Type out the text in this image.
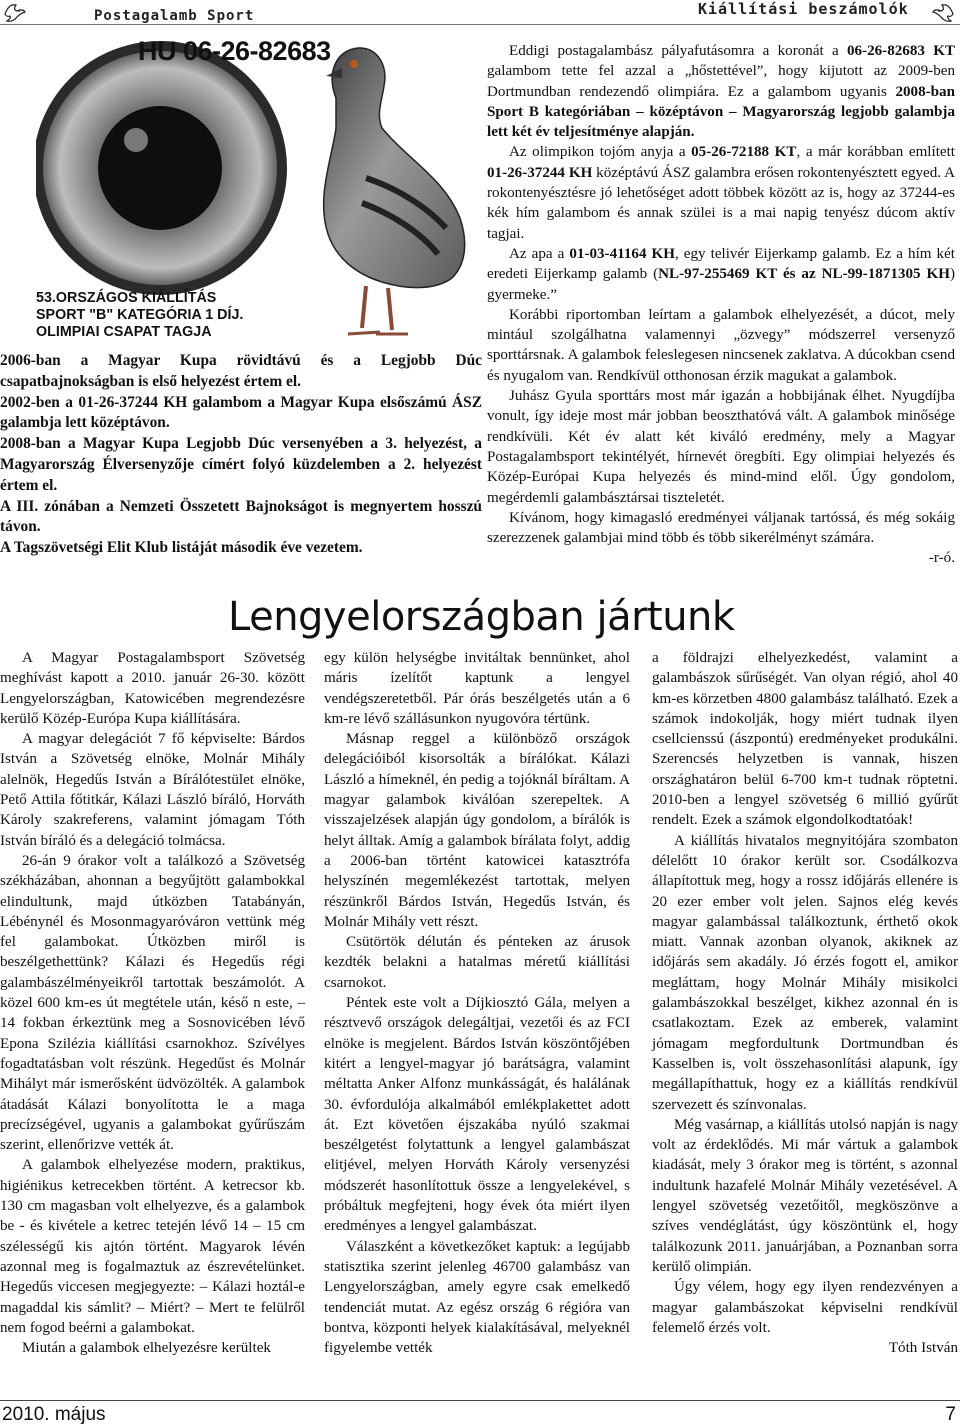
Postagalamb Sport	Kiállítási beszámolók
HU 06-26-82683
53.ORSZÁGOS KIÁLLÍTÁS
SPORT "B" KATEGÓRIA 1 DÍJ.
OLIMPIAI CSAPAT TAGJA

2006-ban a Magyar Kupa rövidtávú és a Legjobb Dúc csapatbajnokságban is első helyezést értem el.

2002-ben a 01-26-37244 KH galambom a Magyar Kupa elsőszámú ÁSZ galambja lett középtávon.

2008-ban a Magyar Kupa Legjobb Dúc versenyében a 3. helyezést, a Magyarország Élversenyzője címért folyó küzdelemben a 2. helyezést értem el.

A III. zónában a Nemzeti Összetett Bajnokságot is megnyertem hosszú távon.

A Tagszövetségi Elit Klub listáját második éve vezetem.

Eddigi postagalambász pályafutásomra a koronát a 06-26-82683 KT galambom tette fel azzal a „hőstettével”, hogy kijutott az 2009-ben Dortmundban rendezendő olimpiára. Ez a galambom ugyanis 2008-ban Sport B kategóriában – középtávon – Magyarország legjobb galambja lett két év teljesítménye alapján.

Az olimpikon tojóm anyja a 05-26-72188 KT, a már korábban említett 01-26-37244 KH középtávú ÁSZ galambra erősen rokontenyésztett egyed. A rokontenyésztésre jó lehetőséget adott többek között az is, hogy az 37244-es kék hím galambom és annak szülei is a mai napig tenyész dúcom aktív tagjai.

Az apa a 01-03-41164 KH, egy telivér Eijerkamp galamb. Ez a hím két eredeti Eijerkamp galamb (NL-97-255469 KT és az NL-99-1871305 KH) gyermeke.”

Korábbi riportomban leírtam a galambok elhelyezését, a dúcot, mely mintául szolgálhatna valamennyi „özvegy” módszerrel versenyző sporttársnak. A galambok feleslegesen nincsenek zaklatva. A dúcokban csend és nyugalom van. Rendkívül otthonosan érzik magukat a galambok.

Juhász Gyula sporttárs most már igazán a hobbijának élhet. Nyugdíjba vonult, így ideje most már jobban beoszthatóvá vált. A galambok minősége rendkívüli. Két év alatt két kiváló eredmény, mely a Magyar Postagalambsport tekintélyét, hírnevét öregbíti. Egy olimpiai helyezés és Közép-Európai Kupa helyezés és mind-mind elől. Úgy gondolom, megérdemli galambásztársai tiszteletét.

Kívánom, hogy kimagasló eredményei váljanak tartóssá, és még sokáig szerezzenek galambjai mind több és több sikerélményt számára.

-r-ó.
Lengyelországban jártunk

A Magyar Postagalambsport Szövetség meghívást kapott a 2010. január 26-30. között Lengyelországban, Katowicében megrendezésre kerülő Közép-Európa Kupa kiállítására.

A magyar delegációt 7 fő képviselte: Bárdos István a Szövetség elnöke, Molnár Mihály alelnök, Hegedűs István a Bírálótestület elnöke, Pető Attila főtitkár, Kálazi László bíráló, Horváth Károly szakreferens, valamint jómagam Tóth István bíráló és a delegáció tolmácsa.

26-án 9 órakor volt a találkozó a Szövetség székházában, ahonnan a begyűjtött galambokkal elindultunk, majd útközben Tatabányán, Lébénynél és Mosonmagyaróváron vettünk még fel galambokat. Útközben miről is beszélgethettünk? Kálazi és Hegedűs régi galambászélményeikről tartottak beszámolót. A közel 600 km-es út megtétele után, késő n este, – 14 fokban érkeztünk meg a Sosnovicében lévő Epona Szilézia kiállítási csarnokhoz. Szívélyes fogadtatásban volt részünk. Hegedűst és Molnár Mihályt már ismerősként üdvözölték. A galambok átadását Kálazi bonyolította le a maga precízségével, ugyanis a galambokat gyűrűszám szerint, ellenőrizve vették át.

A galambok elhelyezése modern, praktikus, higiénikus ketrecekben történt. A ketrecsor kb. 130 cm magasban volt elhelyezve, és a galambok be - és kivétele a ketrec tetején lévő 14 – 15 cm szélességű kis ajtón történt. Magyarok lévén azonnal meg is fogalmaztuk az észrevételünket. Hegedűs viccesen megjegyezte: – Kálazi hoztál-e magaddal kis sámlit? – Miért? – Mert te felülről nem fogod beérni a galambokat.

Miután a galambok elhelyezésre kerültek

egy külön helységbe invitáltak bennünket, ahol máris ízelítőt kaptunk a lengyel vendégszeretetből. Pár órás beszélgetés után a 6 km-re lévő szállásunkon nyugovóra tértünk.

Másnap reggel a különböző országok delegációiból kisorsolták a bírálókat. Kálazi László a hímeknél, én pedig a tojóknál bíráltam. A magyar galambok kiválóan szerepeltek. A visszajelzések alapján úgy gondolom, a bírálók is helyt álltak. Amíg a galambok bírálata folyt, addig a 2006-ban történt katowicei katasztrófa helyszínén megemlékezést tartottak, melyen részünkről Bárdos István, Hegedűs István, és Molnár Mihály vett részt.

Csütörtök délután és pénteken az árusok kezdték belakni a hatalmas méretű kiállítási csarnokot.

Péntek este volt a Díjkiosztó Gála, melyen a résztvevő országok delegáltjai, vezetői és az FCI elnöke is megjelent. Bárdos István köszöntőjében kitért a lengyel-magyar jó barátságra, valamint méltatta Anker Alfonz munkásságát, és halálának 30. évfordulója alkalmából emlékplakettet adott át. Ezt követően éjszakába nyúló szakmai beszélgetést folytattunk a lengyel galambászat elitjével, melyen Horváth Károly versenyzési módszerét hasonlítottuk össze a lengyelekével, s próbáltuk megfejteni, hogy évek óta miért ilyen eredményes a lengyel galambászat.

Válaszként a következőket kaptuk: a legújabb statisztika szerint jelenleg 46700 galambász van Lengyelországban, amely egyre csak emelkedő tendenciát mutat. Az egész ország 6 régióra van bontva, központi helyek kialakításával, melyeknél figyelembe vették

a földrajzi elhelyezkedést, valamint a galambászok sűrűségét. Van olyan régió, ahol 40 km-es körzetben 4800 galambász található. Ezek a számok indokolják, hogy miért tudnak ilyen csellcienssú (ászpontú) eredményeket produkálni. Szerencsés helyzetben is vannak, hiszen országhatáron belül 6-700 km-t tudnak röptetni. 2010-ben a lengyel szövetség 6 millió gyűrűt rendelt. Ezek a számok elgondolkodtatóak!

A kiállítás hivatalos megnyitójára szombaton délelőtt 10 órakor került sor. Csodálkozva állapítottuk meg, hogy a rossz időjárás ellenére is 20 ezer ember volt jelen. Sajnos elég kevés magyar galambással találkoztunk, érthető okok miatt. Vannak azonban olyanok, akiknek az időjárás sem akadály. Jó érzés fogott el, amikor megláttam, hogy Molnár Mihály misikolci galambászokkal beszélget, kikhez azonnal én is csatlakoztam. Ezek az emberek, valamint jómagam megfordultunk Dortmundban és Kasselben is, volt összehasonlítási alapunk, így megállapíthattuk, hogy ez a kiállítás rendkívül szervezett és színvonalas.

Még vasárnap, a kiállítás utolsó napján is nagy volt az érdeklődés. Mi már vártuk a galambok kiadását, mely 3 órakor meg is történt, s azonnal indultunk hazafelé Molnár Mihály vezetésével. A lengyel szövetség vezetőitől, megköszönve a szíves vendéglátást, úgy köszöntünk el, hogy találkozunk 2011. januárjában, a Poznanban sorra kerülő olimpián.

Úgy vélem, hogy egy ilyen rendezvényen a magyar galambászokat képviselni rendkívül felemelő érzés volt.

Tóth István
2010. május	7
